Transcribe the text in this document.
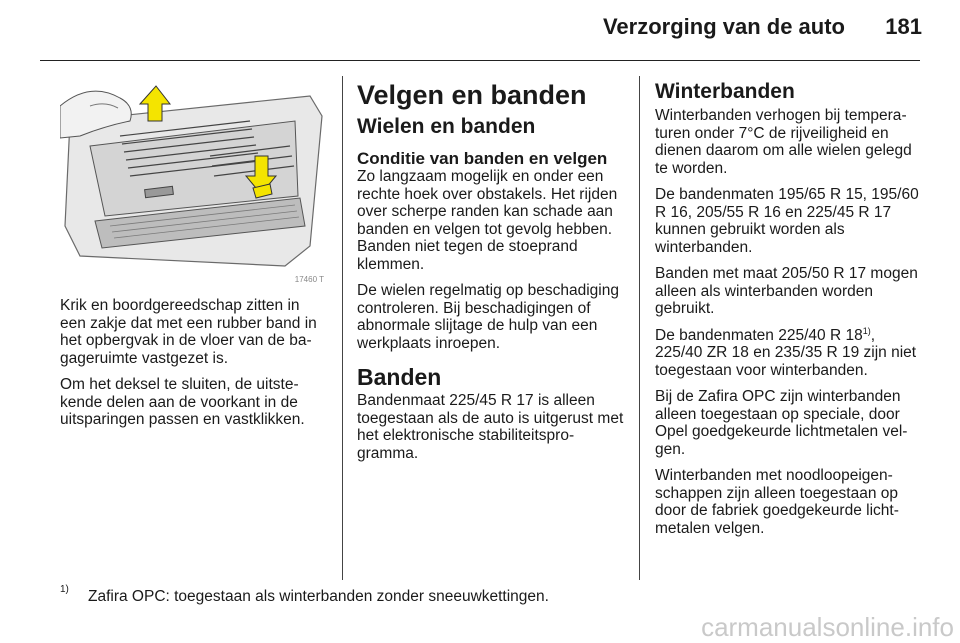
Verzorging van de auto	181
17460 T

Krik en boordgereedschap zitten in een zakje dat met een rubber band in het opbergvak in de vloer van de bagageruimte vastgezet is.

Om het deksel te sluiten, de uitstekende delen aan de voorkant in de uitsparingen passen en vastklikken.

Velgen en banden
Wielen en banden
Conditie van banden en velgen

Zo langzaam mogelijk en onder een rechte hoek over obstakels. Het rijden over scherpe randen kan schade aan banden en velgen tot gevolg hebben. Banden niet tegen de stoeprand klemmen.

De wielen regelmatig op beschadiging controleren. Bij beschadigingen of abnormale slijtage de hulp van een werkplaats inroepen.

Banden

Bandenmaat 225/45 R 17 is alleen toegestaan als de auto is uitgerust met het elektronische stabiliteitsprogramma.

Winterbanden

Winterbanden verhogen bij temperaturen onder 7°C de rijveiligheid en dienen daarom om alle wielen gelegd te worden.

De bandenmaten 195/65 R 15, 195/60 R 16, 205/55 R 16 en 225/45 R 17 kunnen gebruikt worden als winterbanden.

Banden met maat 205/50 R 17 mogen alleen als winterbanden worden gebruikt.

De bandenmaten 225/40 R 18$^{1)}$, 225/40 ZR 18 en 235/35 R 19 zijn niet toegestaan voor winterbanden.

Bij de Zafira OPC zijn winterbanden alleen toegestaan op speciale, door Opel goedgekeurde lichtmetalen velgen.

Winterbanden met noodloopeigenschappen zijn alleen toegestaan op door de fabriek goedgekeurde lichtmetalen velgen.

1) Zafira OPC: toegestaan als winterbanden zonder sneeuwkettingen.
carmanualsonline.info
